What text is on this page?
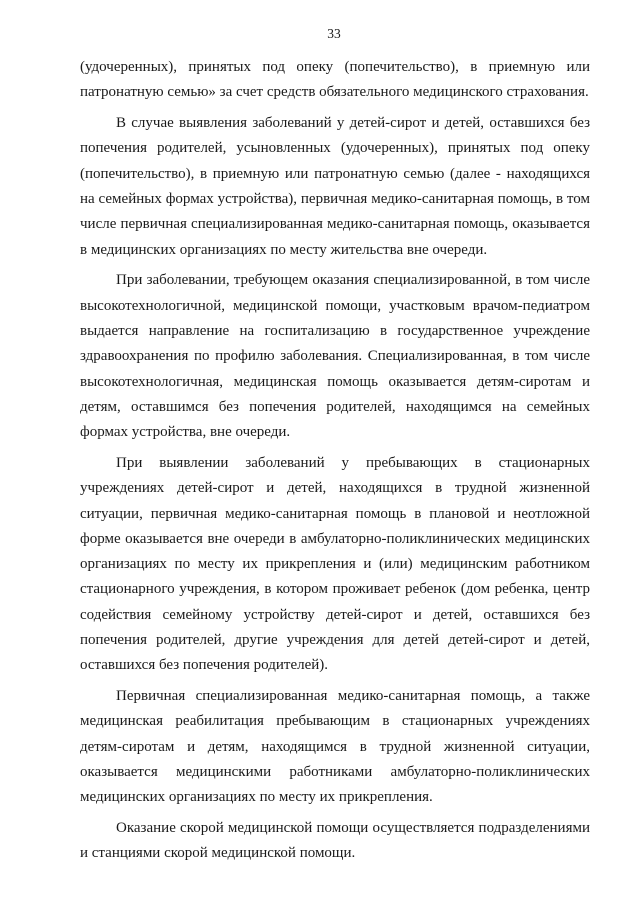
33

(удочеренных), принятых под опеку (попечительство), в приемную или патронатную семью» за счет средств обязательного медицинского страхования.

В случае выявления заболеваний у детей-сирот и детей, оставшихся без попечения родителей, усыновленных (удочеренных), принятых под опеку (попечительство), в приемную или патронатную семью (далее - находящихся на семейных формах устройства), первичная медико-санитарная помощь, в том числе первичная специализированная медико-санитарная помощь, оказывается в медицинских организациях по месту жительства вне очереди.

При заболевании, требующем оказания специализированной, в том числе высокотехнологичной, медицинской помощи, участковым врачом-педиатром выдается направление на госпитализацию в государственное учреждение здравоохранения по профилю заболевания. Специализированная, в том числе высокотехнологичная, медицинская помощь оказывается детям-сиротам и детям, оставшимся без попечения родителей, находящимся на семейных формах устройства, вне очереди.

При выявлении заболеваний у пребывающих в стационарных учреждениях детей-сирот и детей, находящихся в трудной жизненной ситуации, первичная медико-санитарная помощь в плановой и неотложной форме оказывается вне очереди в амбулаторно-поликлинических медицинских организациях по месту их прикрепления и (или) медицинским работником стационарного учреждения, в котором проживает ребенок (дом ребенка, центр содействия семейному устройству детей-сирот и детей, оставшихся без попечения родителей, другие учреждения для детей детей-сирот и детей, оставшихся без попечения родителей).

Первичная специализированная медико-санитарная помощь, а также медицинская реабилитация пребывающим в стационарных учреждениях детям-сиротам и детям, находящимся в трудной жизненной ситуации, оказывается медицинскими работниками амбулаторно-поликлинических медицинских организациях по месту их прикрепления.

Оказание скорой медицинской помощи осуществляется подразделениями и станциями скорой медицинской помощи.
